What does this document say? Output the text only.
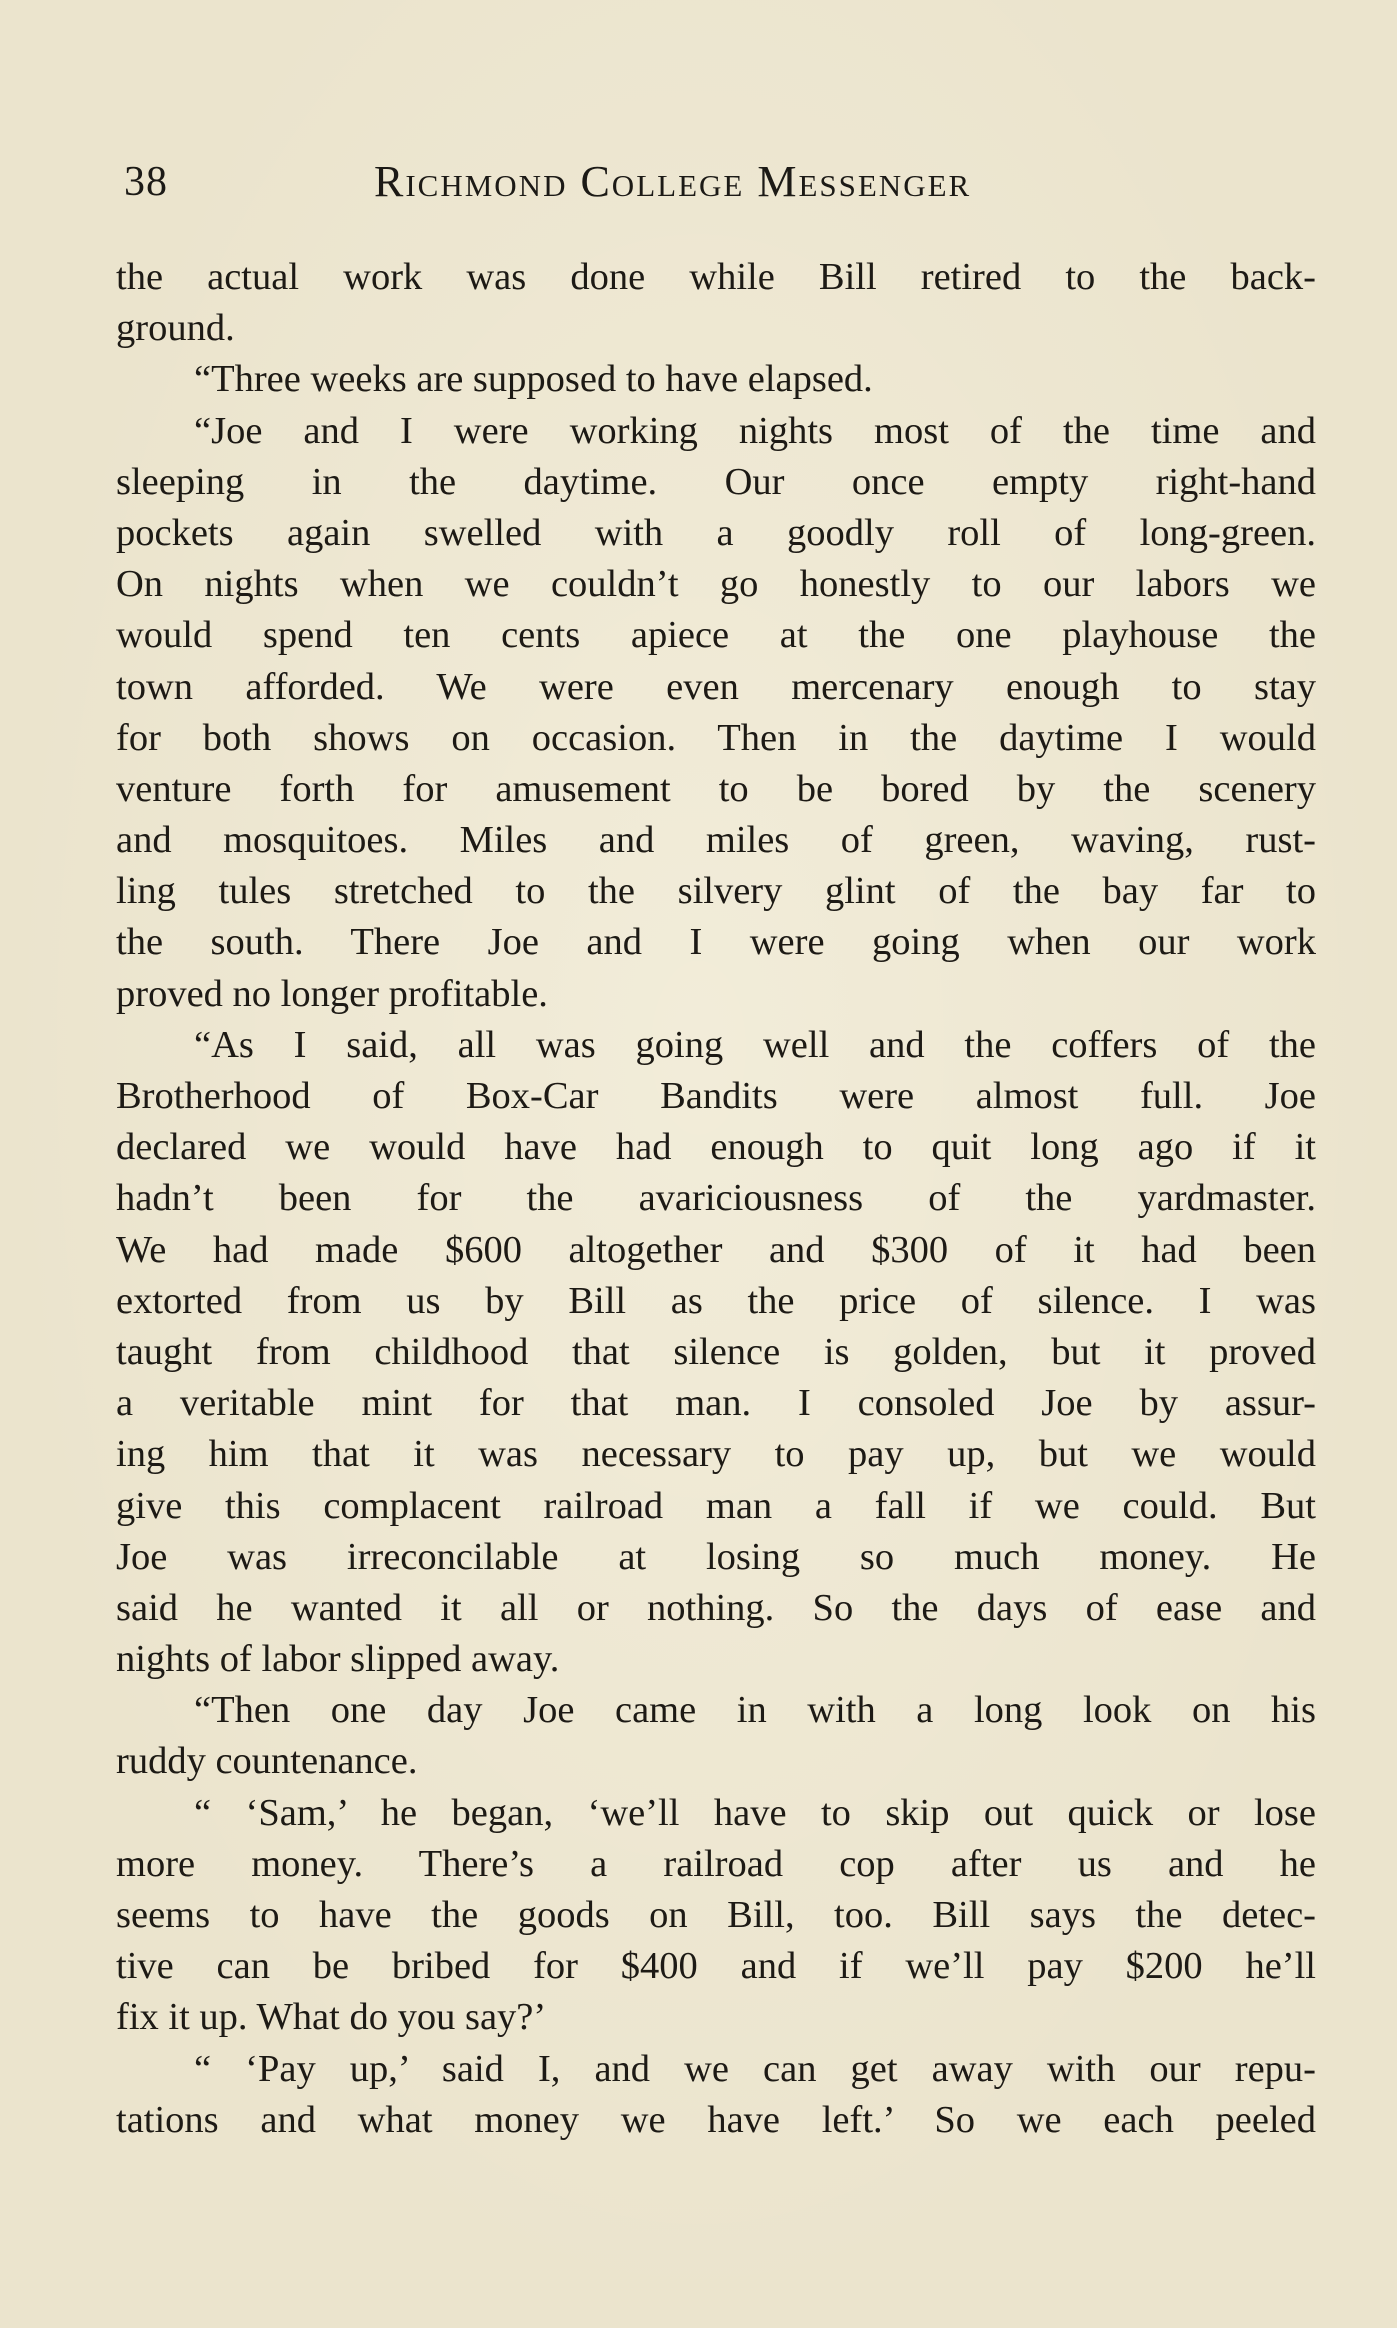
38	Richmond College Messenger
the actual work was done while Bill retired to the back-
ground.
“Three weeks are supposed to have elapsed.
“Joe and I were working nights most of the time and
sleeping in the daytime. Our once empty right-hand
pockets again swelled with a goodly roll of long-green.
On nights when we couldn’t go honestly to our labors we
would spend ten cents apiece at the one playhouse the
town afforded. We were even mercenary enough to stay
for both shows on occasion. Then in the daytime I would
venture forth for amusement to be bored by the scenery
and mosquitoes. Miles and miles of green, waving, rust-
ling tules stretched to the silvery glint of the bay far to
the south. There Joe and I were going when our work
proved no longer profitable.
“As I said, all was going well and the coffers of the
Brotherhood of Box-Car Bandits were almost full. Joe
declared we would have had enough to quit long ago if it
hadn’t been for the avariciousness of the yardmaster.
We had made $600 altogether and $300 of it had been
extorted from us by Bill as the price of silence. I was
taught from childhood that silence is golden, but it proved
a veritable mint for that man. I consoled Joe by assur-
ing him that it was necessary to pay up, but we would
give this complacent railroad man a fall if we could. But
Joe was irreconcilable at losing so much money. He
said he wanted it all or nothing. So the days of ease and
nights of labor slipped away.
“Then one day Joe came in with a long look on his
ruddy countenance.
“ ‘Sam,’ he began, ‘we’ll have to skip out quick or lose
more money. There’s a railroad cop after us and he
seems to have the goods on Bill, too. Bill says the detec-
tive can be bribed for $400 and if we’ll pay $200 he’ll
fix it up. What do you say?’
“ ‘Pay up,’ said I, and we can get away with our repu-
tations and what money we have left.’ So we each peeled
